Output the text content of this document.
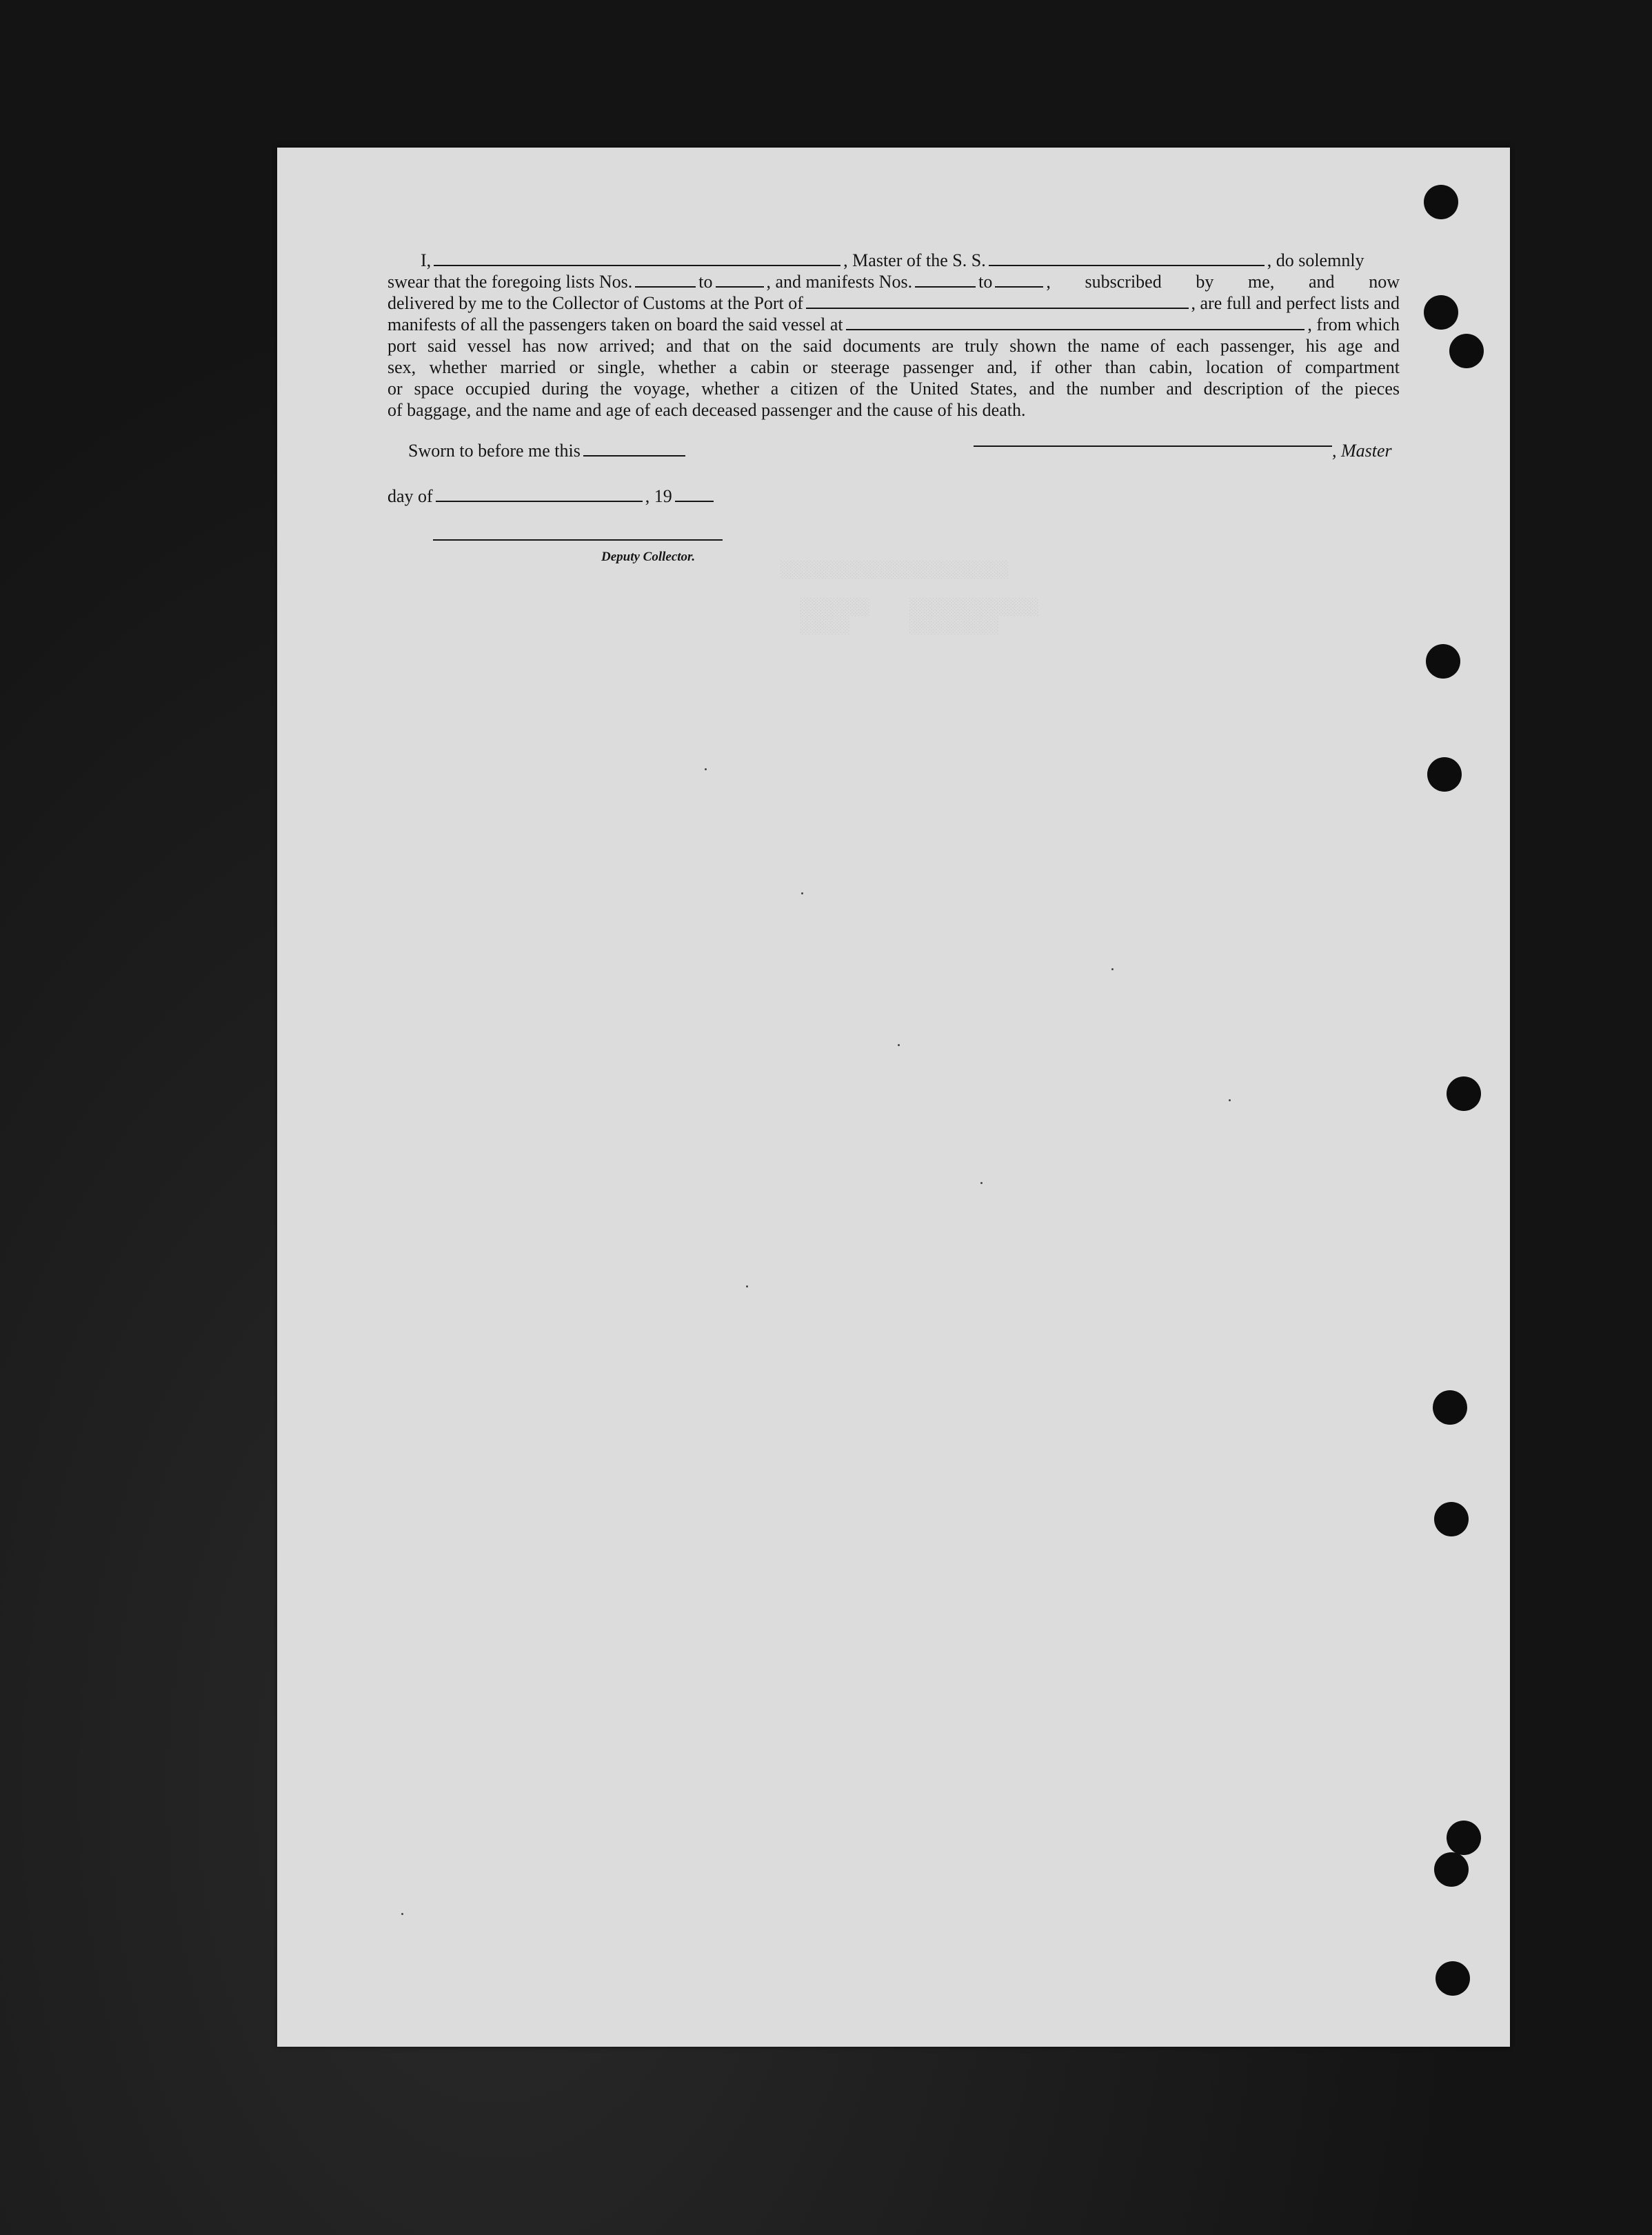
I,	, Master of the S. S.	, do solemnly
swear that the foregoing lists Nos.	to	, and manifests Nos.	to	, subscribed by me, and now
delivered by me to the Collector of Customs at the Port of	, are full and perfect lists and
manifests of all the passengers taken on board the said vessel at	, from which
port said vessel has now arrived; and that on the said documents are truly shown the name of each passenger, his age and
sex, whether married or single, whether a cabin or steerage passenger and, if other than cabin, location of compartment
or space occupied during the voyage, whether a citizen of the United States, and the number and description of the pieces
of baggage, and the name and age of each deceased passenger and the cause of his death.
Sworn to before me this	, Master
day of	, 19
Deputy Collector.
░░░░░░░░░░░░░░░░░░░░░░░

░░░░░░░    ░░░░░░░░░░░░░
░░░░░      ░░░░░░░░░
